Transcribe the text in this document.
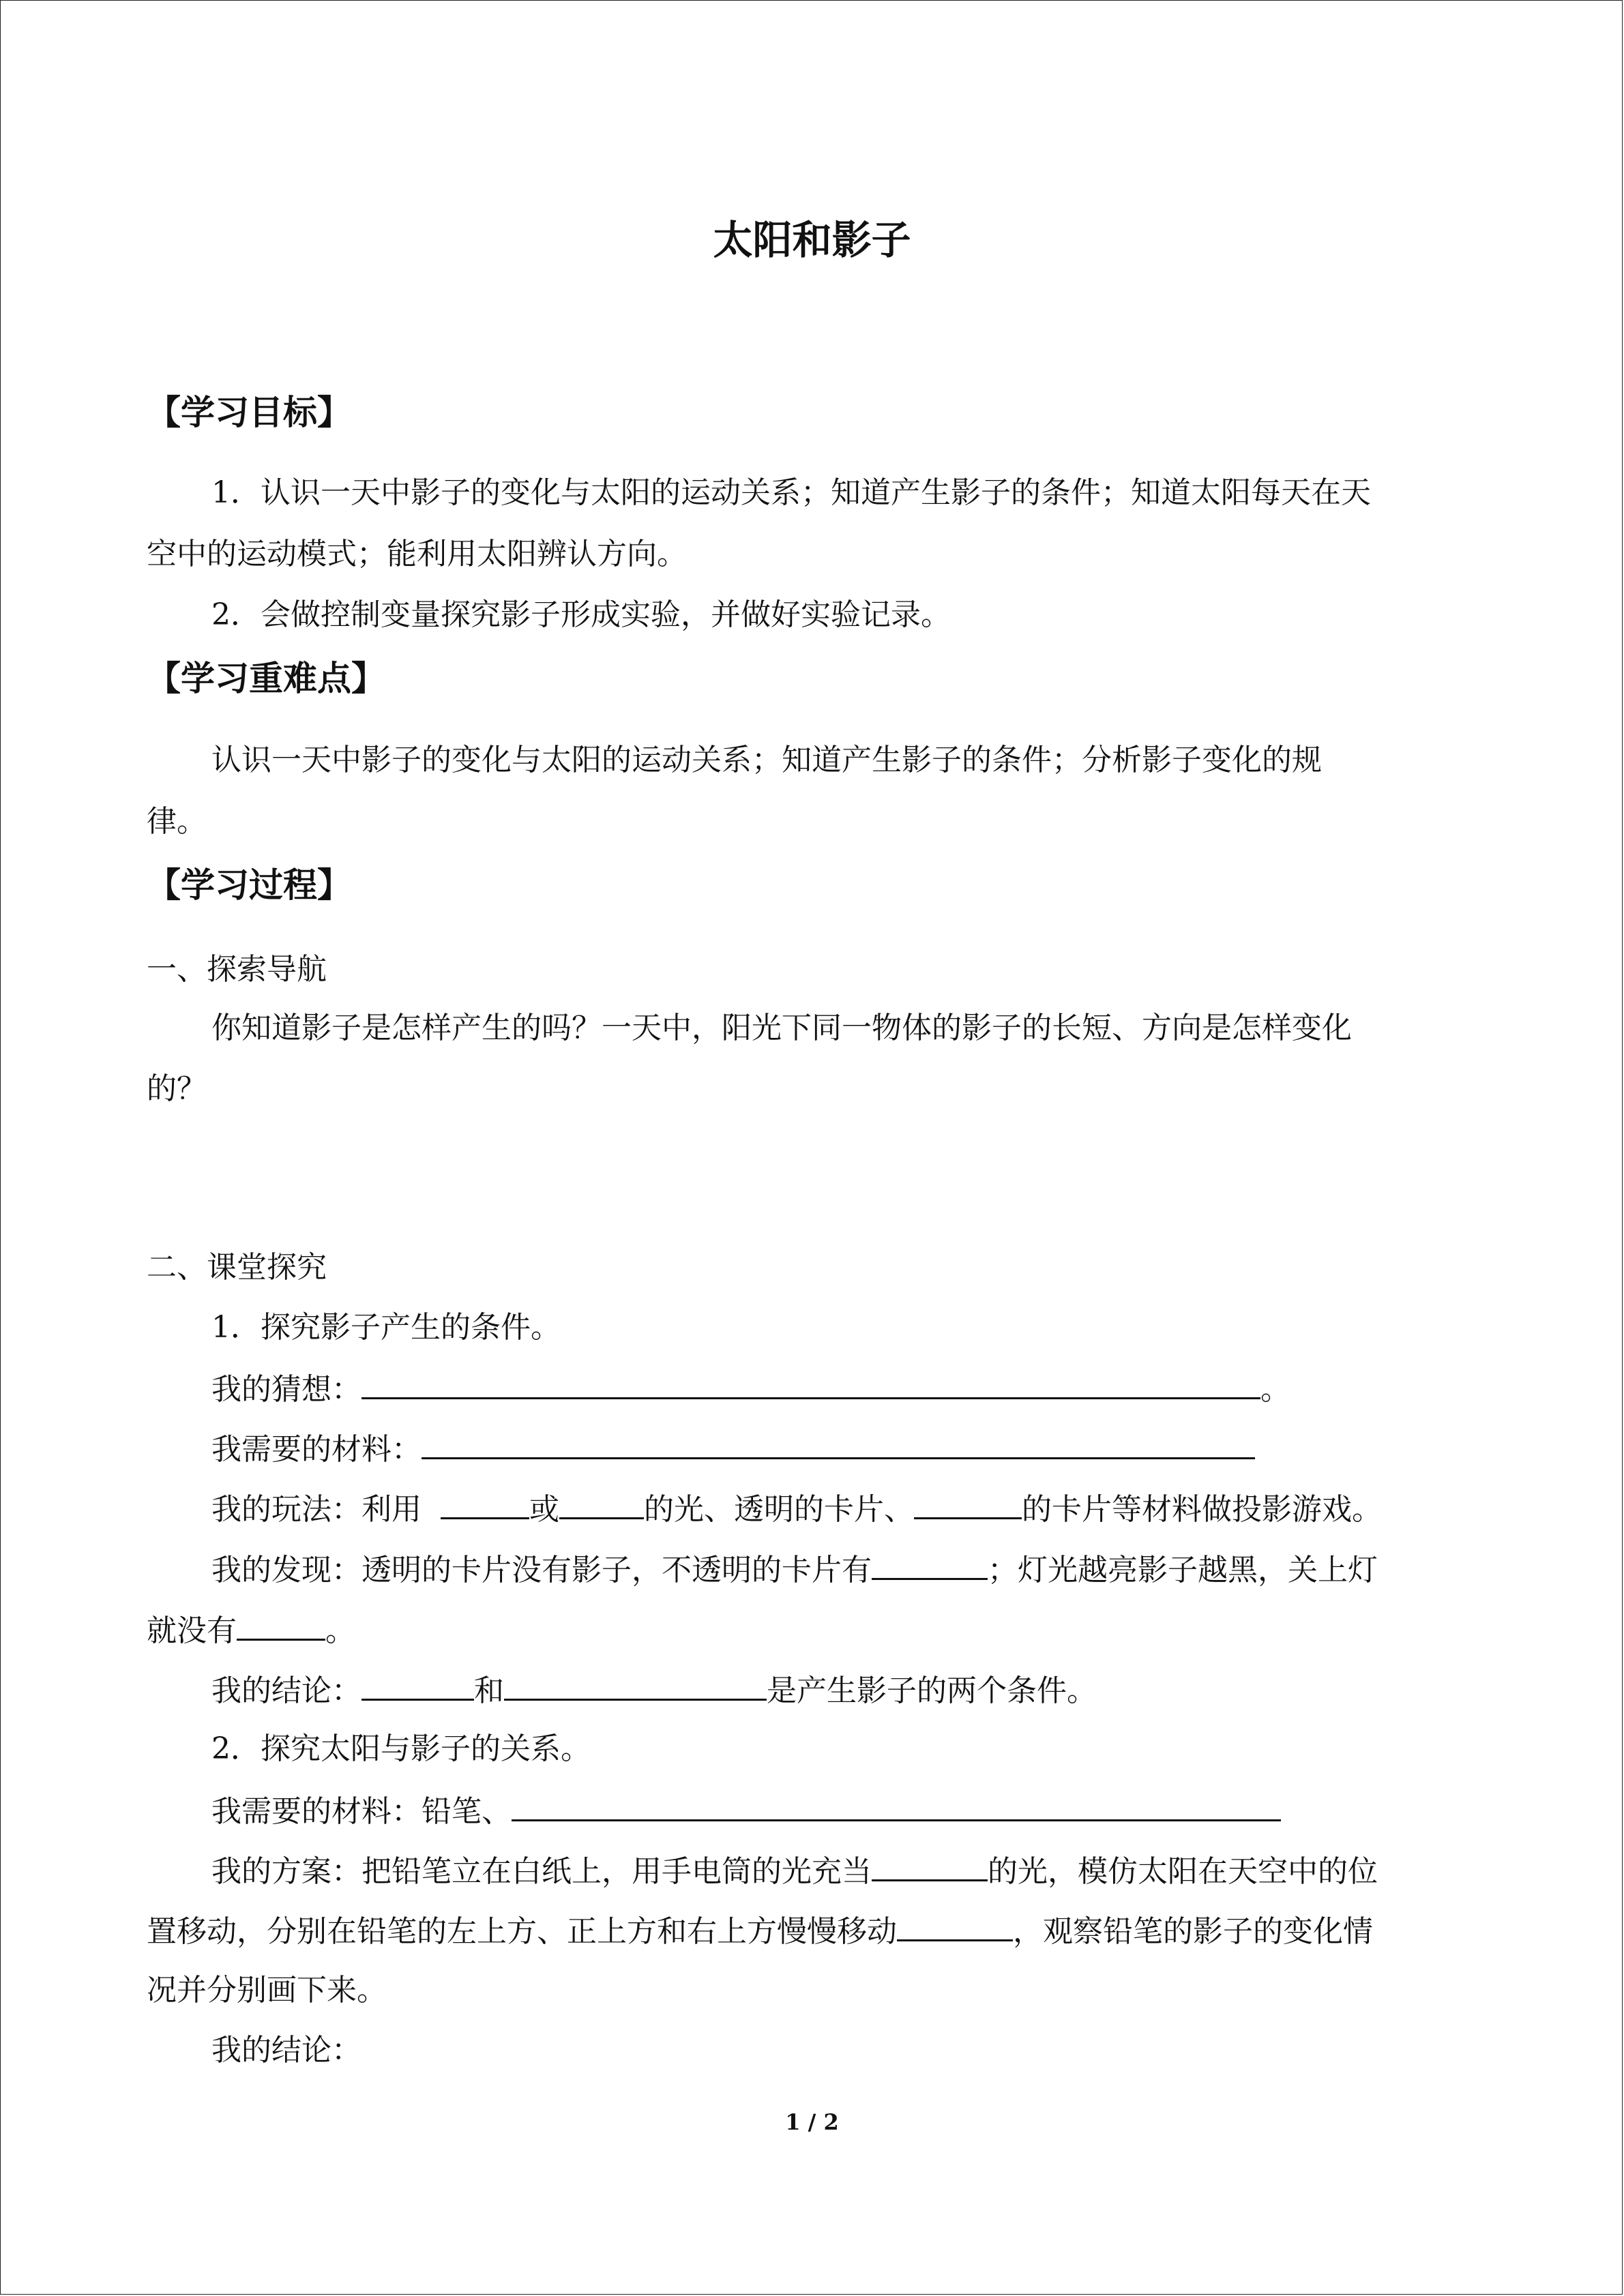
太阳和影子
【学习目标】
1．认识一天中影子的变化与太阳的运动关系；知道产生影子的条件；知道太阳每天在天
空中的运动模式；能利用太阳辨认方向。
2．会做控制变量探究影子形成实验，并做好实验记录。
【学习重难点】
认识一天中影子的变化与太阳的运动关系；知道产生影子的条件；分析影子变化的规
律。
【学习过程】
一、探索导航
你知道影子是怎样产生的吗？一天中，阳光下同一物体的影子的长短、方向是怎样变化
的？
二、课堂探究
1．探究影子产生的条件。
我的猜想：	。
我需要的材料：
我的玩法：利用	或	的光、透明的卡片、	的卡片等材料做投影游戏。
我的发现：透明的卡片没有影子，不透明的卡片有	；灯光越亮影子越黑，关上灯
就没有	。
我的结论：	和	是产生影子的两个条件。
2．探究太阳与影子的关系。
我需要的材料：铅笔、
我的方案：把铅笔立在白纸上，用手电筒的光充当	的光，模仿太阳在天空中的位
置移动，分别在铅笔的左上方、正上方和右上方慢慢移动	，观察铅笔的影子的变化情
况并分别画下来。
我的结论：
1 / 2
